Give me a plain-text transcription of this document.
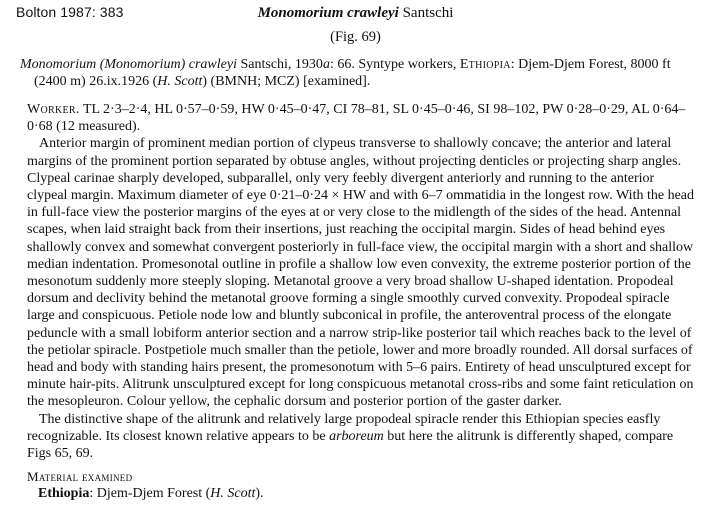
Bolton 1987: 383	Monomorium crawleyi Santschi
(Fig. 69)

Monomorium (Monomorium) crawleyi Santschi, 1930a: 66. Syntype workers, Ethiopia: Djem-Djem Forest, 8000 ft (2400 m) 26.ix.1926 (H. Scott) (BMNH; MCZ) [examined].

Worker. TL 2·3–2·4, HL 0·57–0·59, HW 0·45–0·47, CI 78–81, SL 0·45–0·46, SI 98–102, PW 0·28–0·29, AL 0·64–0·68 (12 measured).
Anterior margin of prominent median portion of clypeus transverse to shallowly concave; the anterior and lateral margins of the prominent portion separated by obtuse angles, without projecting denticles or projecting sharp angles. Clypeal carinae sharply developed, subparallel, only very feebly divergent anteriorly and running to the anterior clypeal margin. Maximum diameter of eye 0·21–0·24 × HW and with 6–7 ommatidia in the longest row. With the head in full-face view the posterior margins of the eyes at or very close to the midlength of the sides of the head. Antennal scapes, when laid straight back from their insertions, just reaching the occipital margin. Sides of head behind eyes shallowly convex and somewhat convergent posteriorly in full-face view, the occipital margin with a short and shallow median indentation. Promesonotal outline in profile a shallow low even convexity, the extreme posterior portion of the mesonotum suddenly more steeply sloping. Metanotal groove a very broad shallow U-shaped identation. Propodeal dorsum and declivity behind the metanotal groove forming a single smoothly curved convexity. Propodeal spiracle large and conspicuous. Petiole node low and bluntly subconical in profile, the anteroventral process of the elongate peduncle with a small lobiform anterior section and a narrow strip-like posterior tail which reaches back to the level of the petiolar spiracle. Postpetiole much smaller than the petiole, lower and more broadly rounded. All dorsal surfaces of head and body with standing hairs present, the promesonotum with 5–6 pairs. Entirety of head unsculptured except for minute hair-pits. Alitrunk unsculptured except for long conspicuous metanotal cross-ribs and some faint reticulation on the mesopleuron. Colour yellow, the cephalic dorsum and posterior portion of the gaster darker.
The distinctive shape of the alitrunk and relatively large propodeal spiracle render this Ethiopian species easfly recognizable. Its closest known relative appears to be arboreum but here the alitrunk is differently shaped, compare Figs 65, 69.

Material examined
Ethiopia: Djem-Djem Forest (H. Scott).
